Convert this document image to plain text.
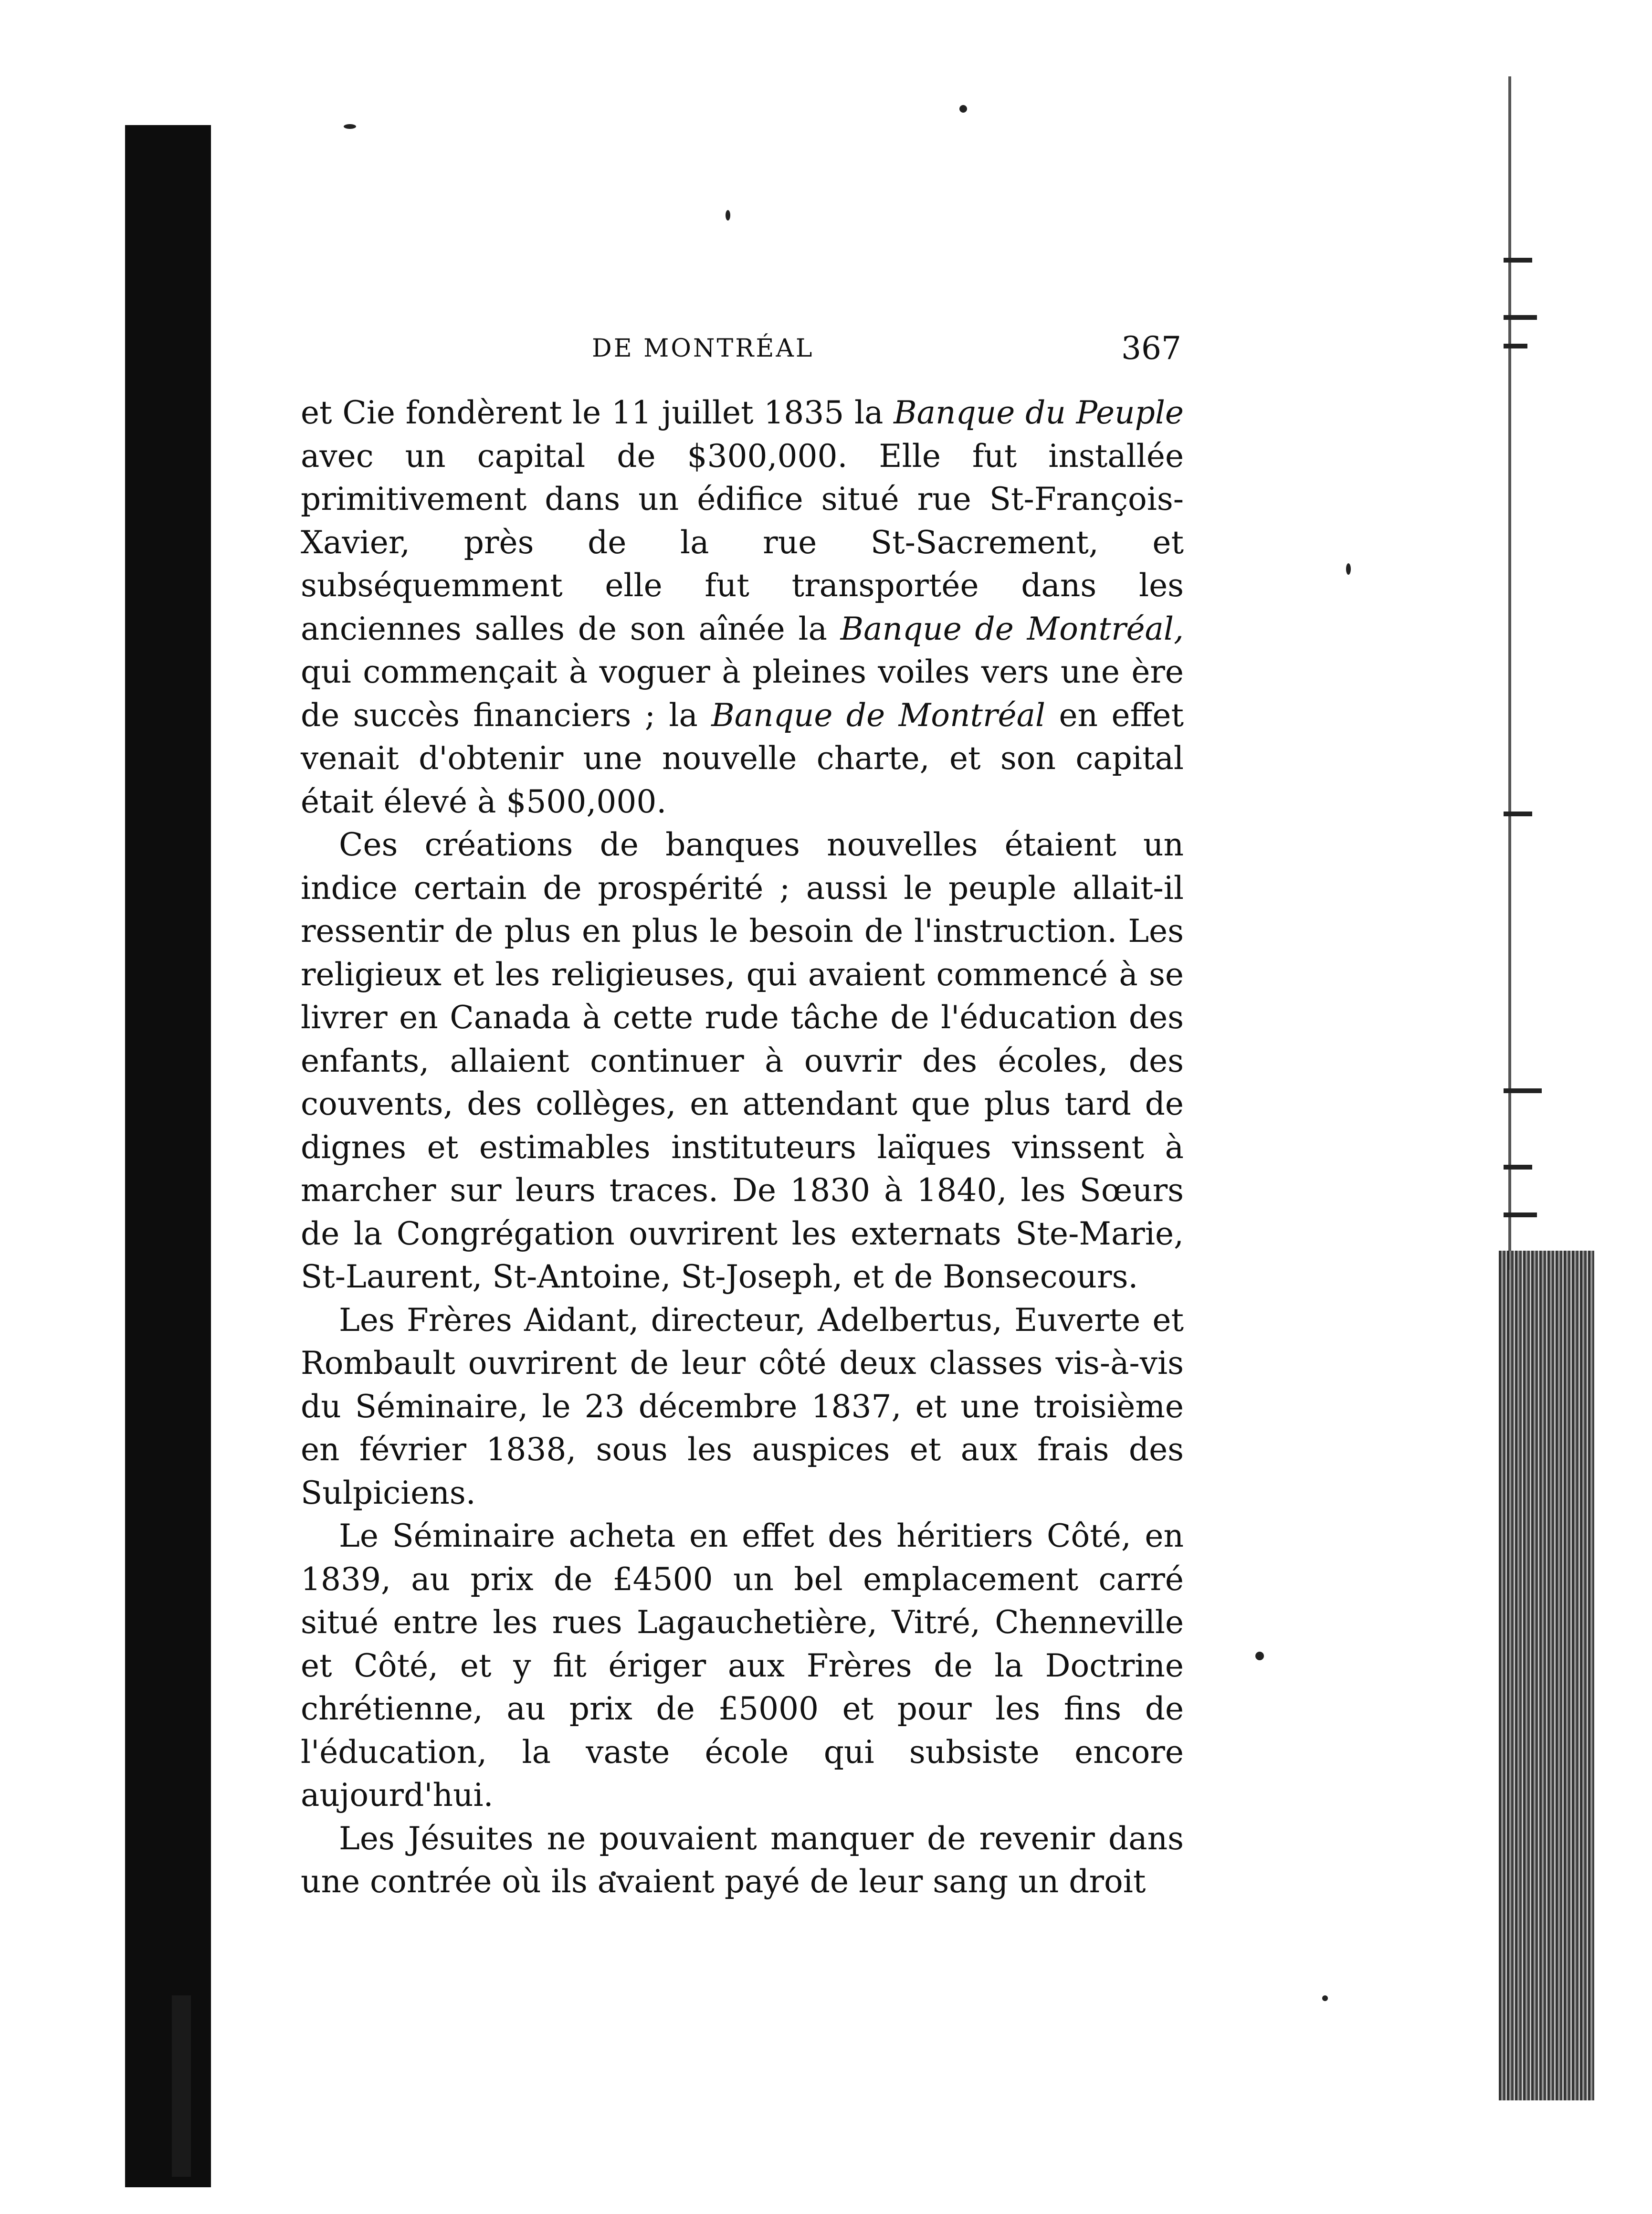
DE MONTRÉAL	367

et Cie fondèrent le 11 juillet 1835 la Banque du Peuple avec un capital de $300,000. Elle fut installée primitivement dans un édifice situé rue St-François-Xavier, près de la rue St-Sacrement, et subséquemment elle fut transportée dans les anciennes salles de son aînée la Banque de Montréal, qui commençait à voguer à pleines voiles vers une ère de succès financiers ; la Banque de Montréal en effet venait d'obtenir une nouvelle charte, et son capital était élevé à $500,000.

Ces créations de banques nouvelles étaient un indice certain de prospérité ; aussi le peuple allait-il ressentir de plus en plus le besoin de l'instruction. Les religieux et les religieuses, qui avaient commencé à se livrer en Canada à cette rude tâche de l'éducation des enfants, allaient continuer à ouvrir des écoles, des couvents, des collèges, en attendant que plus tard de dignes et estimables instituteurs laïques vinssent à marcher sur leurs traces. De 1830 à 1840, les Sœurs de la Congrégation ouvrirent les externats Ste-Marie, St-Laurent, St-Antoine, St-Joseph, et de Bonsecours.

Les Frères Aidant, directeur, Adelbertus, Euverte et Rombault ouvrirent de leur côté deux classes vis-à-vis du Séminaire, le 23 décembre 1837, et une troisième en février 1838, sous les auspices et aux frais des Sulpiciens.

Le Séminaire acheta en effet des héritiers Côté, en 1839, au prix de £4500 un bel emplacement carré situé entre les rues Lagauchetière, Vitré, Chenneville et Côté, et y fit ériger aux Frères de la Doctrine chrétienne, au prix de £5000 et pour les fins de l'éducation, la vaste école qui subsiste encore aujourd'hui.

Les Jésuites ne pouvaient manquer de revenir dans une contrée où ils avaient payé de leur sang un droit
